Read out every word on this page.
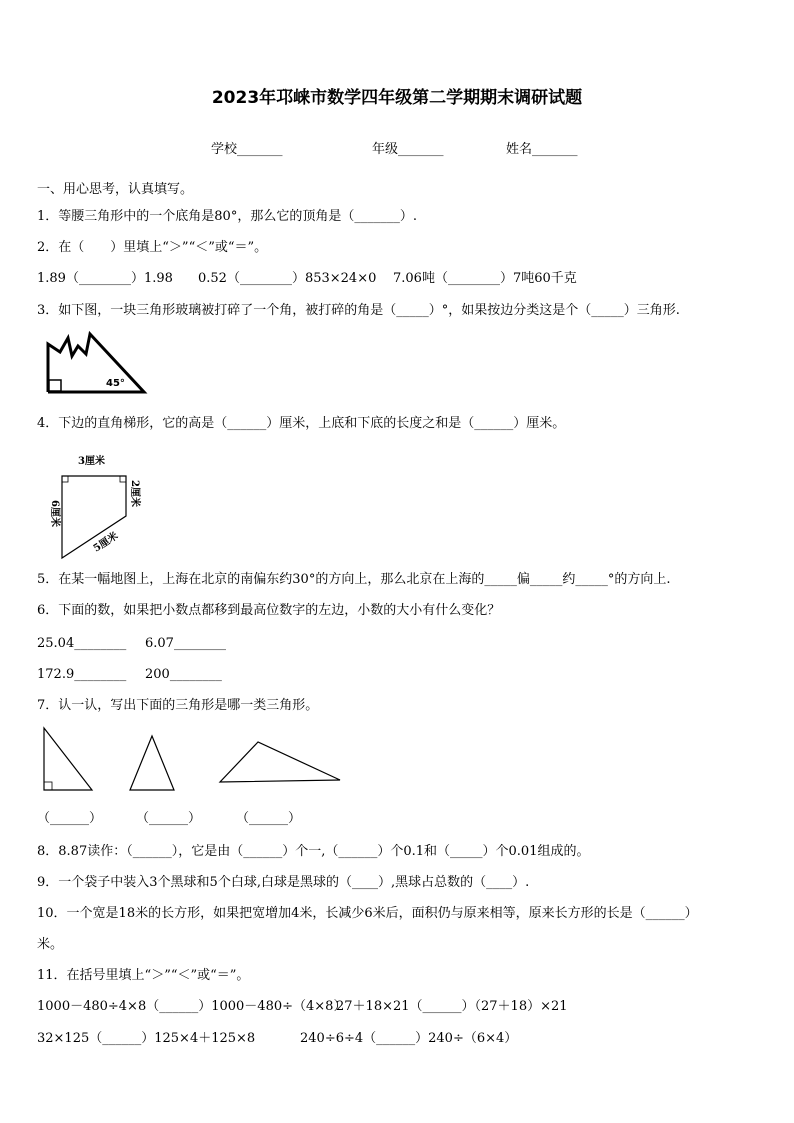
2023年邛崃市数学四年级第二学期期末调研试题
学校_______	年级_______	姓名_______
一、用心思考，认真填写。
1．等腰三角形中的一个底角是80°，那么它的顶角是（_______）.
2．在（　　）里填上“＞”“＜”或“＝”。
1.89（________）1.98 0.52（________）853×24×0 7.06吨（________）7吨60千克
3．如下图，一块三角形玻璃被打碎了一个角，被打碎的角是（_____）°，如果按边分类这是个（_____）三角形.
45°
4．下边的直角梯形，它的高是（______）厘米，上底和下底的长度之和是（______）厘米。
3厘米
6厘米
2厘米
5厘米
5．在某一幅地图上，上海在北京的南偏东约30°的方向上，那么北京在上海的_____偏_____约_____°的方向上.
6．下面的数，如果把小数点都移到最高位数字的左边，小数的大小有什么变化？
25.04________ 6.07________
172.9________ 200________
7．认一认，写出下面的三角形是哪一类三角形。
（______）	（______）	（______）
8．8.87读作：（______），它是由（______）个一,（______）个0.1和（_____）个0.01组成的。
9．一个袋子中装入3个黑球和5个白球,白球是黑球的（____）,黑球占总数的（____）.
10．一个宽是18米的长方形，如果把宽增加4米，长减少6米后，面积仍与原来相等，原来长方形的长是（______）
米。
11．在括号里填上“＞”“＜”或“＝”。
1000－480÷4×8（______）1000－480÷（4×8）
27＋18×21（______）（27＋18）×21
32×125（______）125×4＋125×8	240÷6÷4（______）240÷（6×4）
